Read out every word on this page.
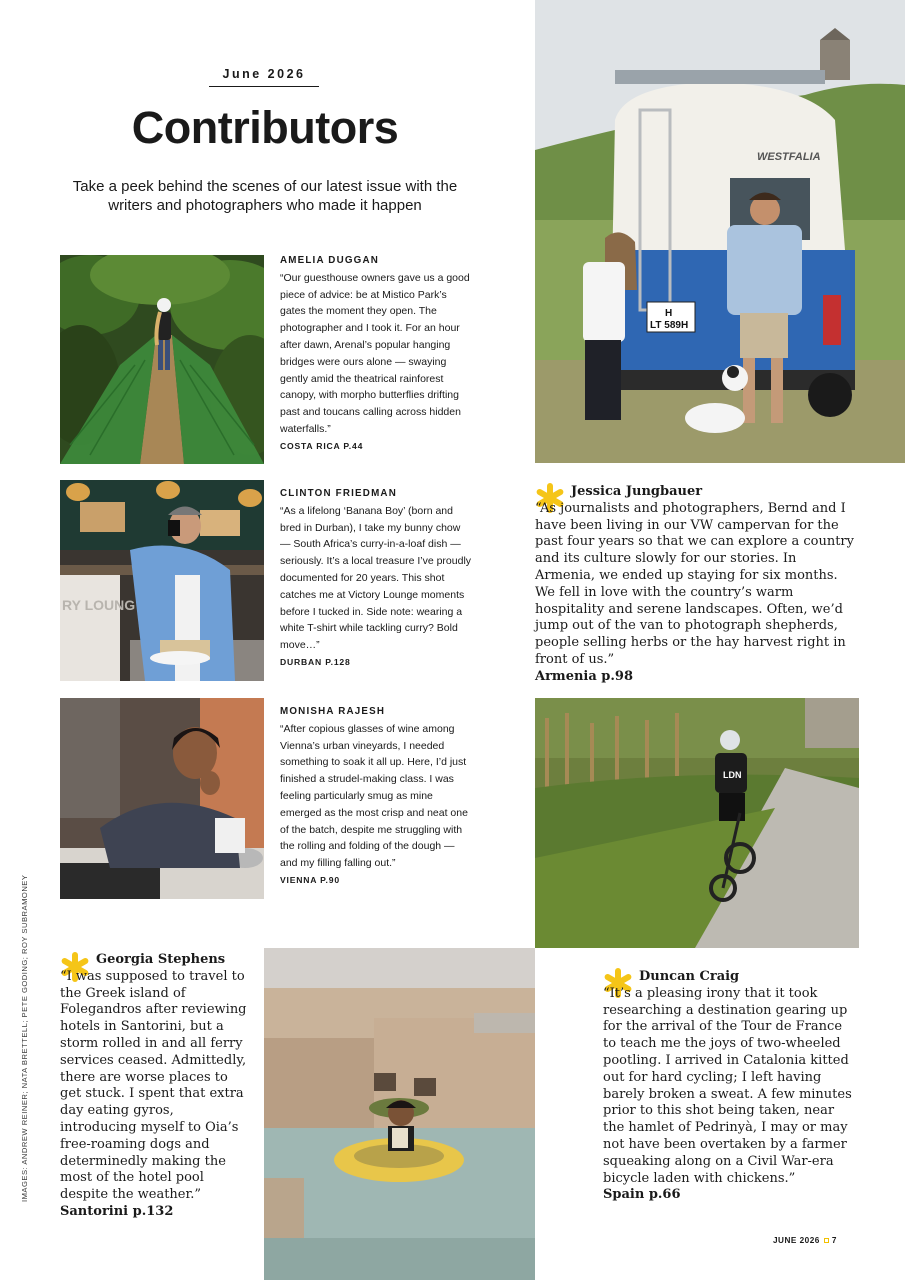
June 2026
Contributors

Take a peek behind the scenes of our latest issue with the writers and photographers who made it happen

AMELIA DUGGAN
“Our guesthouse owners gave us a good piece of advice: be at Mistico Park’s gates the moment they open. The photographer and I took it. For an hour after dawn, Arenal’s popular hanging bridges were ours alone — swaying gently amid the theatrical rainforest canopy, with morpho butterflies drifting past and toucans calling across hidden waterfalls.”
COSTA RICA P.44
RY LOUNG
CLINTON FRIEDMAN
“As a lifelong ‘Banana Boy’ (born and bred in Durban), I take my bunny chow — South Africa’s curry-in-a-loaf dish — seriously. It’s a local treasure I’ve proudly documented for 20 years. This shot catches me at Victory Lounge moments before I tucked in. Side note: wearing a white T-shirt while tackling curry? Bold move…”
DURBAN P.128
MONISHA RAJESH
“After copious glasses of wine among Vienna’s urban vineyards, I needed something to soak it all up. Here, I’d just finished a strudel-making class. I was feeling particularly smug as mine emerged as the most crisp and neat one of the batch, despite me struggling with the rolling and folding of the dough — and my filling falling out.”
VIENNA P.90
WESTFALIA
H
LT 589H
Jessica Jungbauer
“As journalists and photographers, Bernd and I have been living in our VW campervan for the past four years so that we can explore a country and its culture slowly for our stories. In Armenia, we ended up staying for six months. We fell in love with the country’s warm hospitality and serene landscapes. Often, we’d jump out of the van to photograph shepherds, people selling herbs or the hay harvest right in front of us.”
Armenia p.98
LDN
Duncan Craig
“It’s a pleasing irony that it took researching a destination gearing up for the arrival of the Tour de France to teach me the joys of two-wheeled pootling. I arrived in Catalonia kitted out for hard cycling; I left having barely broken a sweat. A few minutes prior to this shot being taken, near the hamlet of Pedrinyà, I may or may not have been overtaken by a farmer squeaking along on a Civil War-era bicycle laden with chickens.”
Spain p.66
Georgia Stephens
“I was supposed to travel to the Greek island of Folegandros after reviewing hotels in Santorini, but a storm rolled in and all ferry services ceased. Admittedly, there are worse places to get stuck. I spent that extra day eating gyros, introducing myself to Oia’s free-roaming dogs and determinedly making the most of the hotel pool despite the weather.”
Santorini p.132
IMAGES: ANDREW REINER; NATA BRETTELL; PETE GODING; ROY SUBRAMONEY
JUNE 2026 7
